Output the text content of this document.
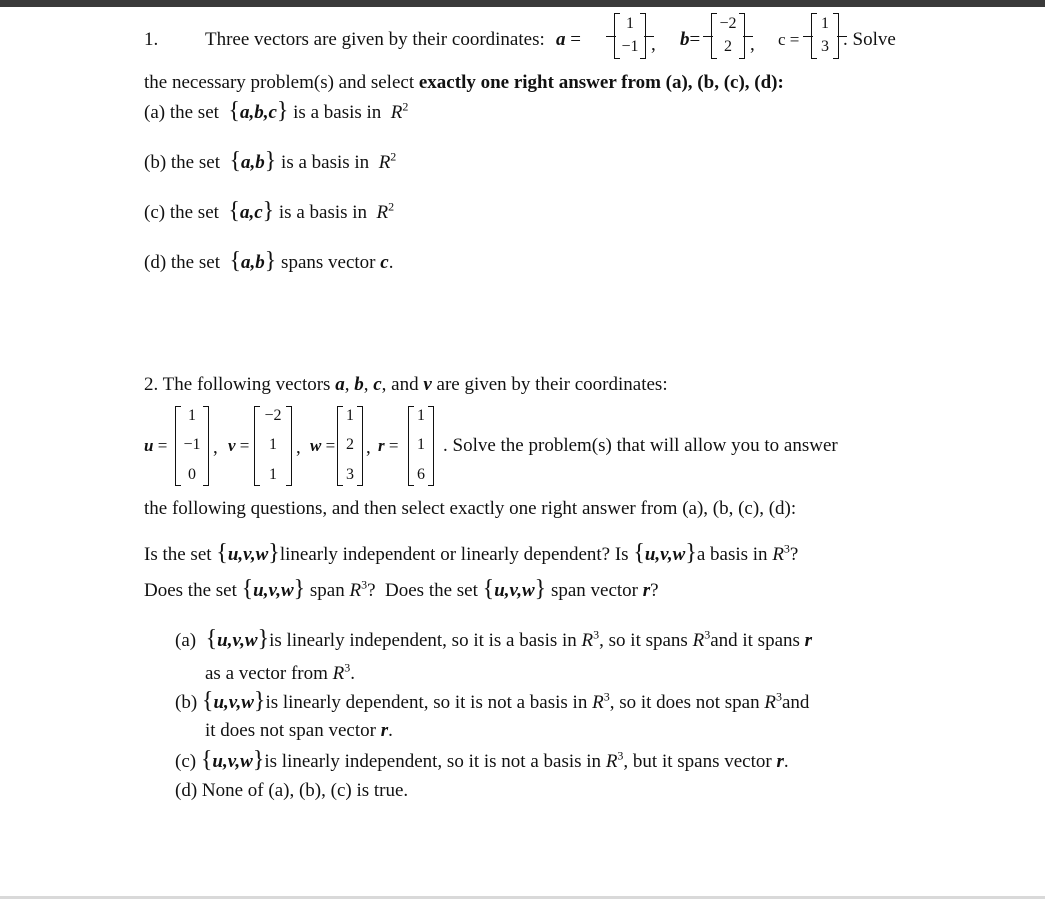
1. Three vectors are given by their coordinates: a =
1
−1 , b=
−2
2 , c =
1
3 . Solve
the necessary problem(s) and select exactly one right answer from (a), (b, (c), (d):
(a) the set {a,b,c} is a basis in $R^2$
(b) the set {a,b} is a basis in $R^2$
(c) the set {a,c} is a basis in $R^2$
(d) the set {a,b} spans vector c.
2. The following vectors a, b, c, and v are given by their coordinates:
u =
1
−1
0
, v =
−2
1
1
, w =
1
2
3
, r =
1
1
6
. Solve the problem(s) that will allow you to answer
the following questions, and then select exactly one right answer from (a), (b, (c), (d):
Is the set {u,v,w}linearly independent or linearly dependent? Is {u,v,w}a basis in $R^3$?
Does the set {u,v,w} span $R^3$? Does the set {u,v,w} span vector r?
(a) {u,v,w}is linearly independent, so it is a basis in $R^3$, so it spans $R^3and$ it spans r
as a vector from $R^3$.
(b) {u,v,w}is linearly dependent, so it is not a basis in $R^3$, so it does not span $R^3and$
it does not span vector r.
(c) {u,v,w}is linearly independent, so it is not a basis in $R^3$, but it spans vector r.
(d) None of (a), (b), (c) is true.
